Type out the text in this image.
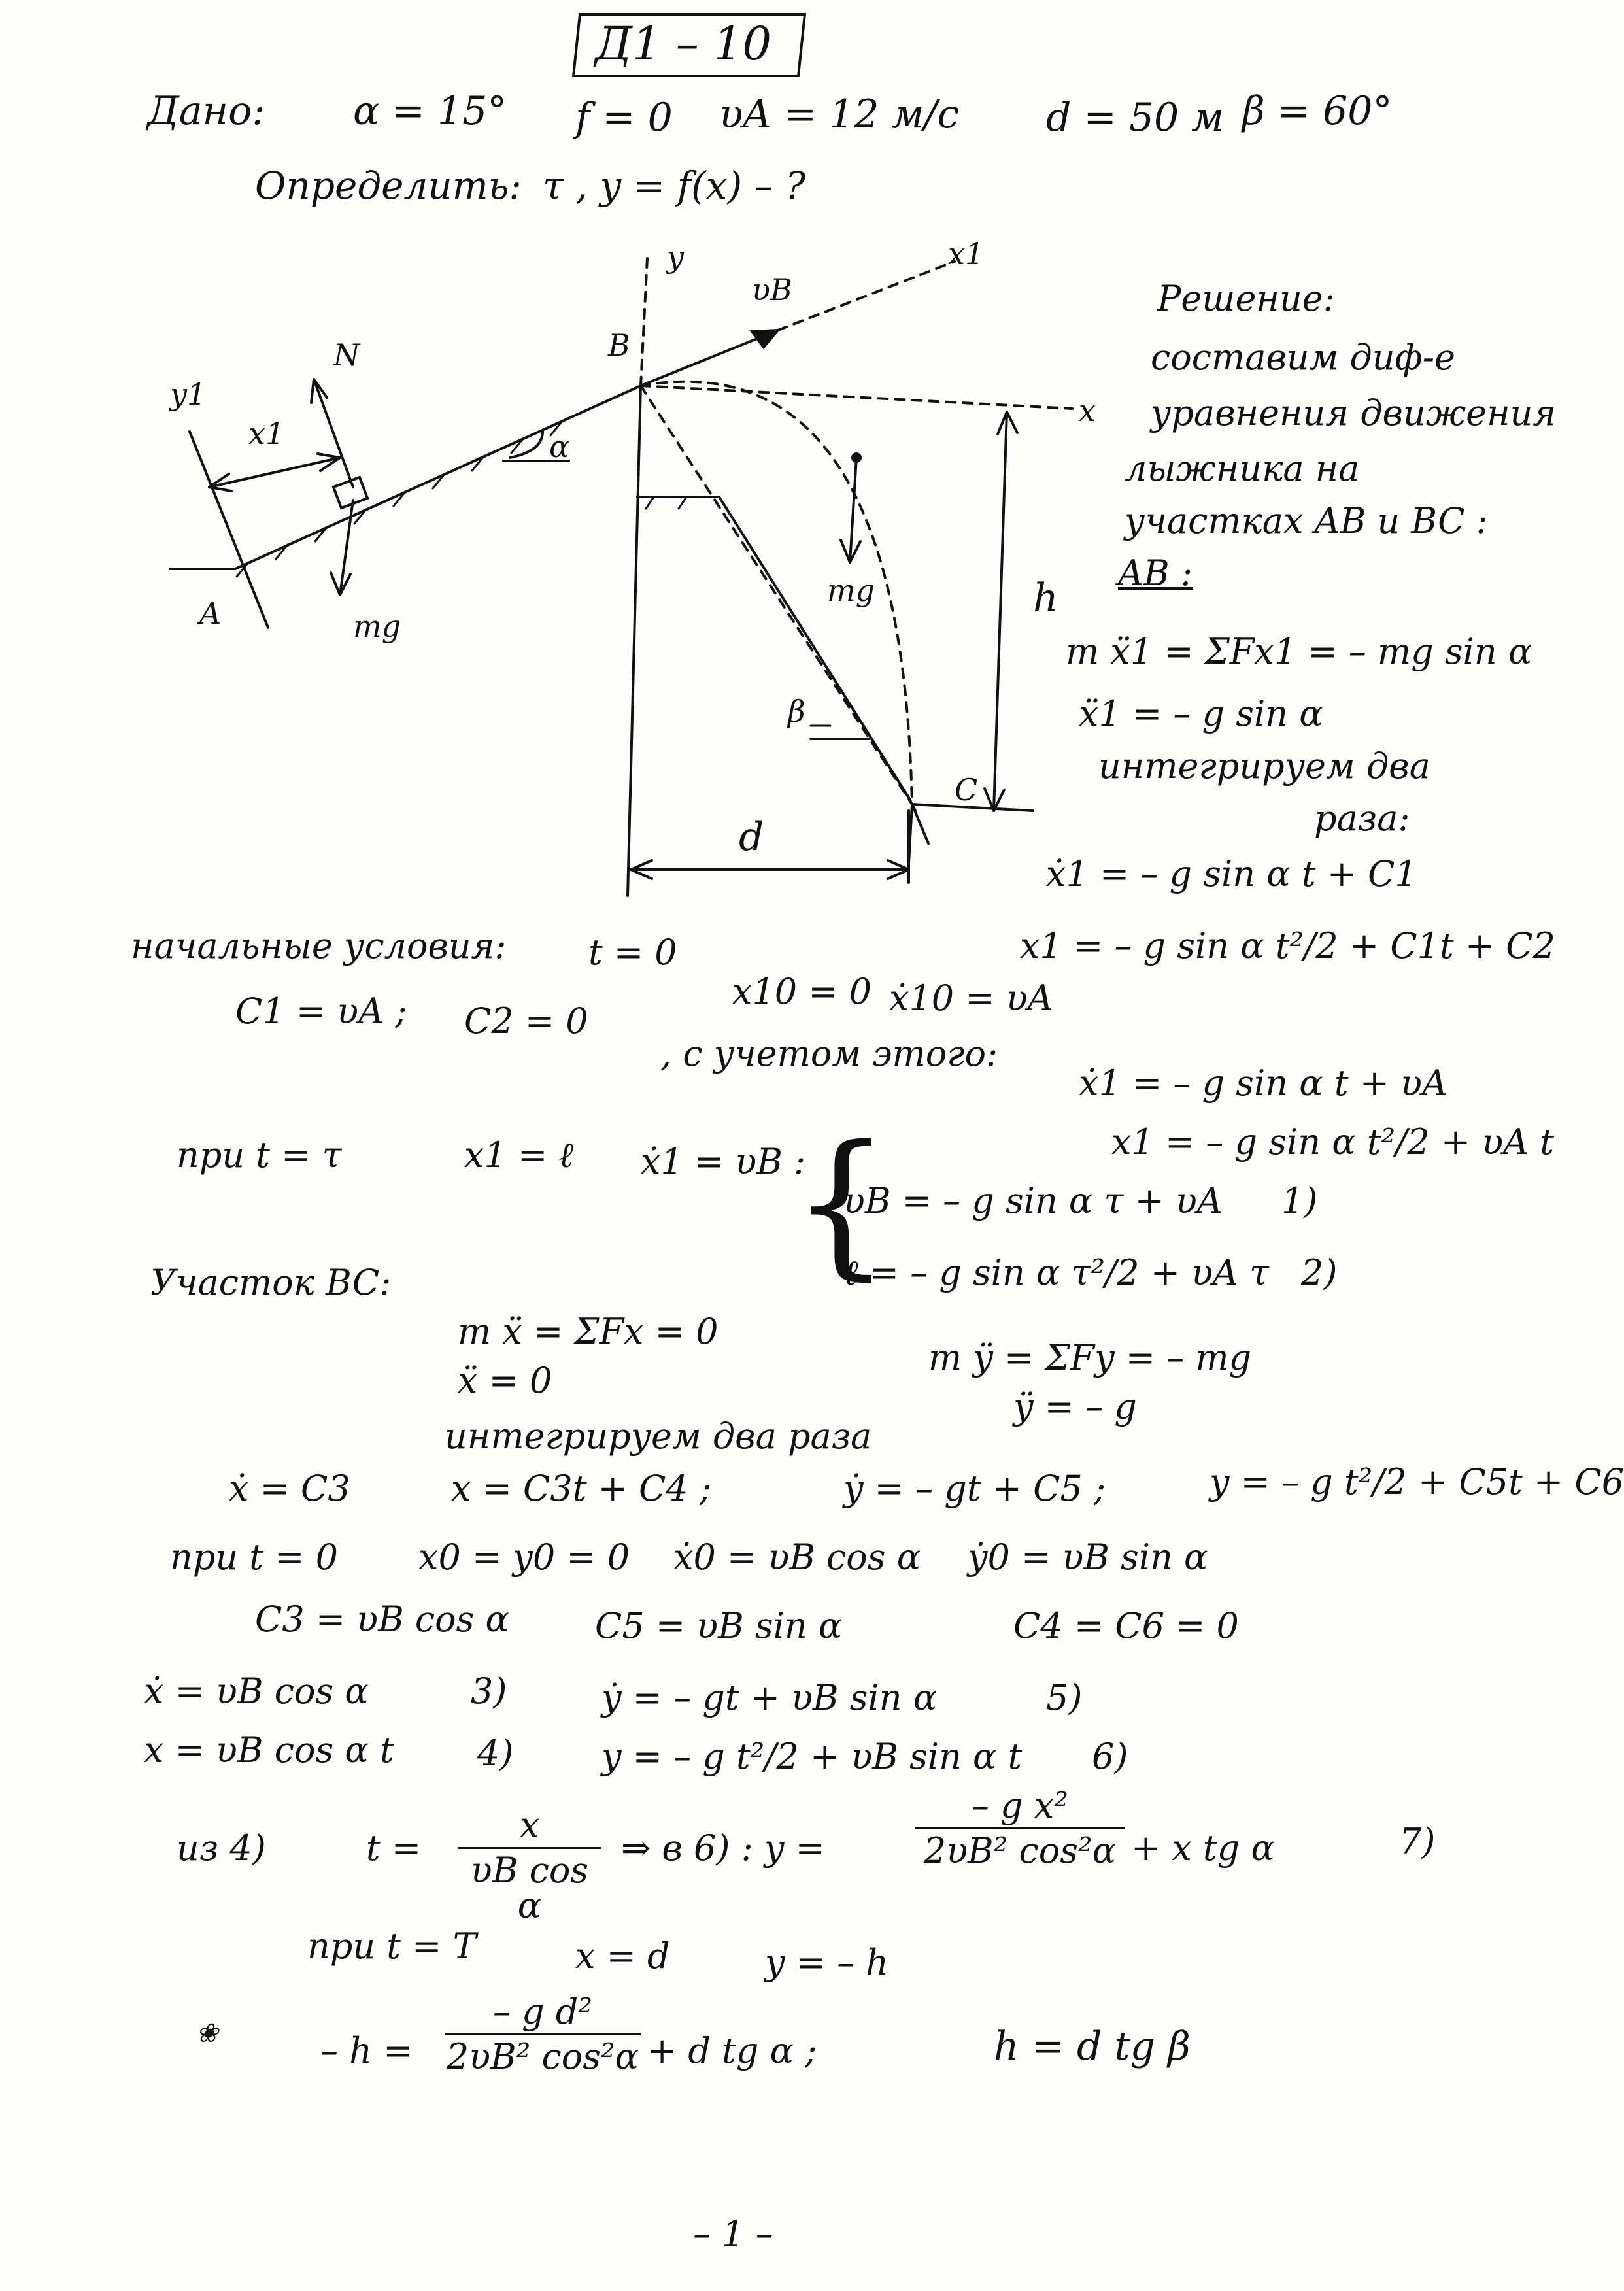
Д1 – 10
Дано: α = 15° f = 0 υA = 12 м/с d = 50 м β = 60°
Определить: τ , y = f(x) – ?
y	x1
υB
B
y1
N
x1	α
A	mg
mg
x
h
β
C
d
Решение:
составим диф-е
уравнения движения
лыжника на
участках AB и BC :
AB :
m ẍ1 = ΣFx1 = – mg sin α
ẍ1 = – g sin α
интегрируем два
раза:
ẋ1 = – g sin α t + C1
x1 = – g sin α t²/2 + C1t + C2
начальные условия: t = 0
C1 = υA ; C2 = 0
x10 = 0 ẋ10 = υA
, с учетом этого:
ẋ1 = – g sin α t + υA
x1 = – g sin α t²/2 + υA t
при t = τ	x1 = ℓ ẋ1 = υB :
{
υB = – g sin α τ + υA 1)
ℓ = – g sin α τ²/2 + υA τ 2)
Участок BC:
m ẍ = ΣFx = 0
ẍ = 0
m ÿ = ΣFy = – mg
ÿ = – g
интегрируем два раза
ẋ = C3	x = C3t + C4 ;	ẏ = – gt + C5 ;	y = – g t²/2 + C5t + C6
при t = 0 x0 = y0 = 0 ẋ0 = υB cos α ẏ0 = υB sin α
C3 = υB cos α C5 = υB sin α	C4 = C6 = 0
ẋ = υB cos α	3)	ẏ = – gt + υB sin α	5)
x = υB cos α t 4) y = – g t²/2 + υB sin α t 6)
из 4)	t =
x
υB cos α
⇒ в 6) : y =
– g x²
2υB² cos²α + x tg α	7)
при t = T	x = d	y = – h
❀	– h =
– g d²
2υB² cos²α + d tg α ;	h = d tg β
– 1 –
